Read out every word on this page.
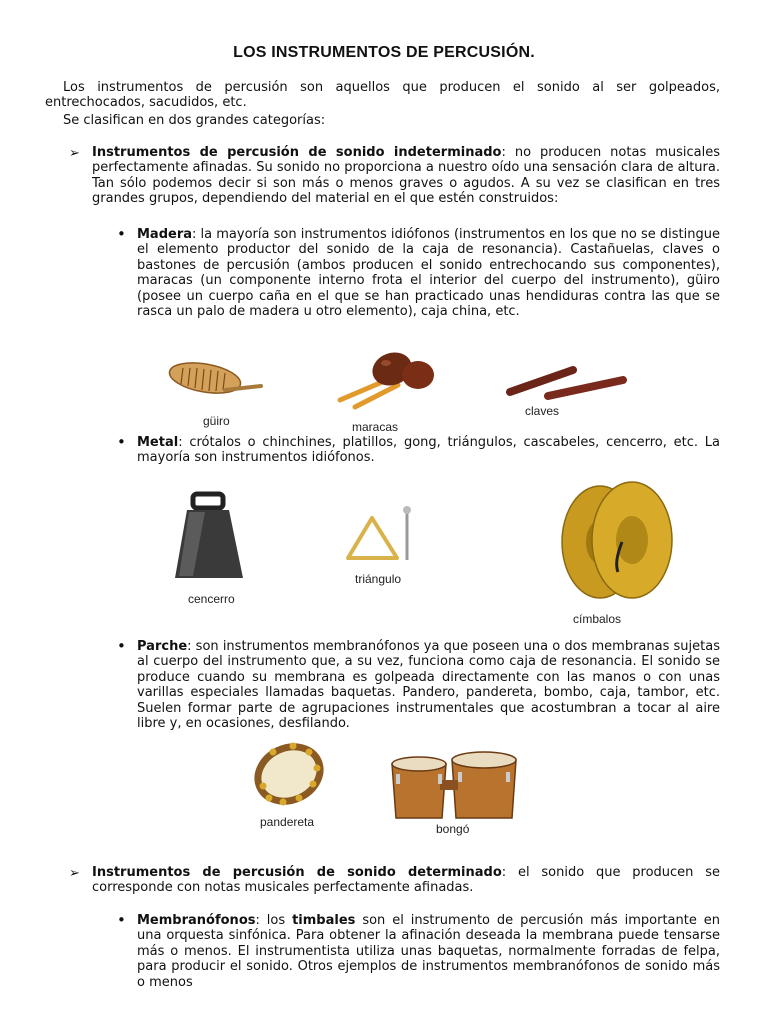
LOS INSTRUMENTOS DE PERCUSIÓN.

Los instrumentos de percusión son aquellos que producen el sonido al ser golpeados, entrechocados, sacudidos, etc.

Se clasifican en dos grandes categorías:

➢ Instrumentos de percusión de sonido indeterminado: no producen notas musicales perfectamente afinadas. Su sonido no proporciona a nuestro oído una sensación clara de altura. Tan sólo podemos decir si son más o menos graves o agudos. A su vez se clasifican en tres grandes grupos, dependiendo del material en el que estén construidos:

• Madera: la mayoría son instrumentos idiófonos (instrumentos en los que no se distingue el elemento productor del sonido de la caja de resonancia). Castañuelas, claves o bastones de percusión (ambos producen el sonido entrechocando sus componentes), maracas (un componente interno frota el interior del cuerpo del instrumento), güiro (posee un cuerpo caña en el que se han practicado unas hendiduras contra las que se rasca un palo de madera u otro elemento), caja china, etc.

güiro	maracas
claves
• Metal: crótalos o chinchines, platillos, gong, triángulos, cascabeles, cencerro, etc. La mayoría son instrumentos idiófonos.

cencerro
triángulo
címbalos
• Parche: son instrumentos membranófonos ya que poseen una o dos membranas sujetas al cuerpo del instrumento que, a su vez, funciona como caja de resonancia. El sonido se produce cuando su membrana es golpeada directamente con las manos o con unas varillas especiales llamadas baquetas. Pandero, pandereta, bombo, caja, tambor, etc. Suelen formar parte de agrupaciones instrumentales que acostumbran a tocar al aire libre y, en ocasiones, desfilando.

pandereta	bongó
➢ Instrumentos de percusión de sonido determinado: el sonido que producen se corresponde con notas musicales perfectamente afinadas.

• Membranófonos: los timbales son el instrumento de percusión más importante en una orquesta sinfónica. Para obtener la afinación deseada la membrana puede tensarse más o menos. El instrumentista utiliza unas baquetas, normalmente forradas de felpa, para producir el sonido. Otros ejemplos de instrumentos membranófonos de sonido más o menos
